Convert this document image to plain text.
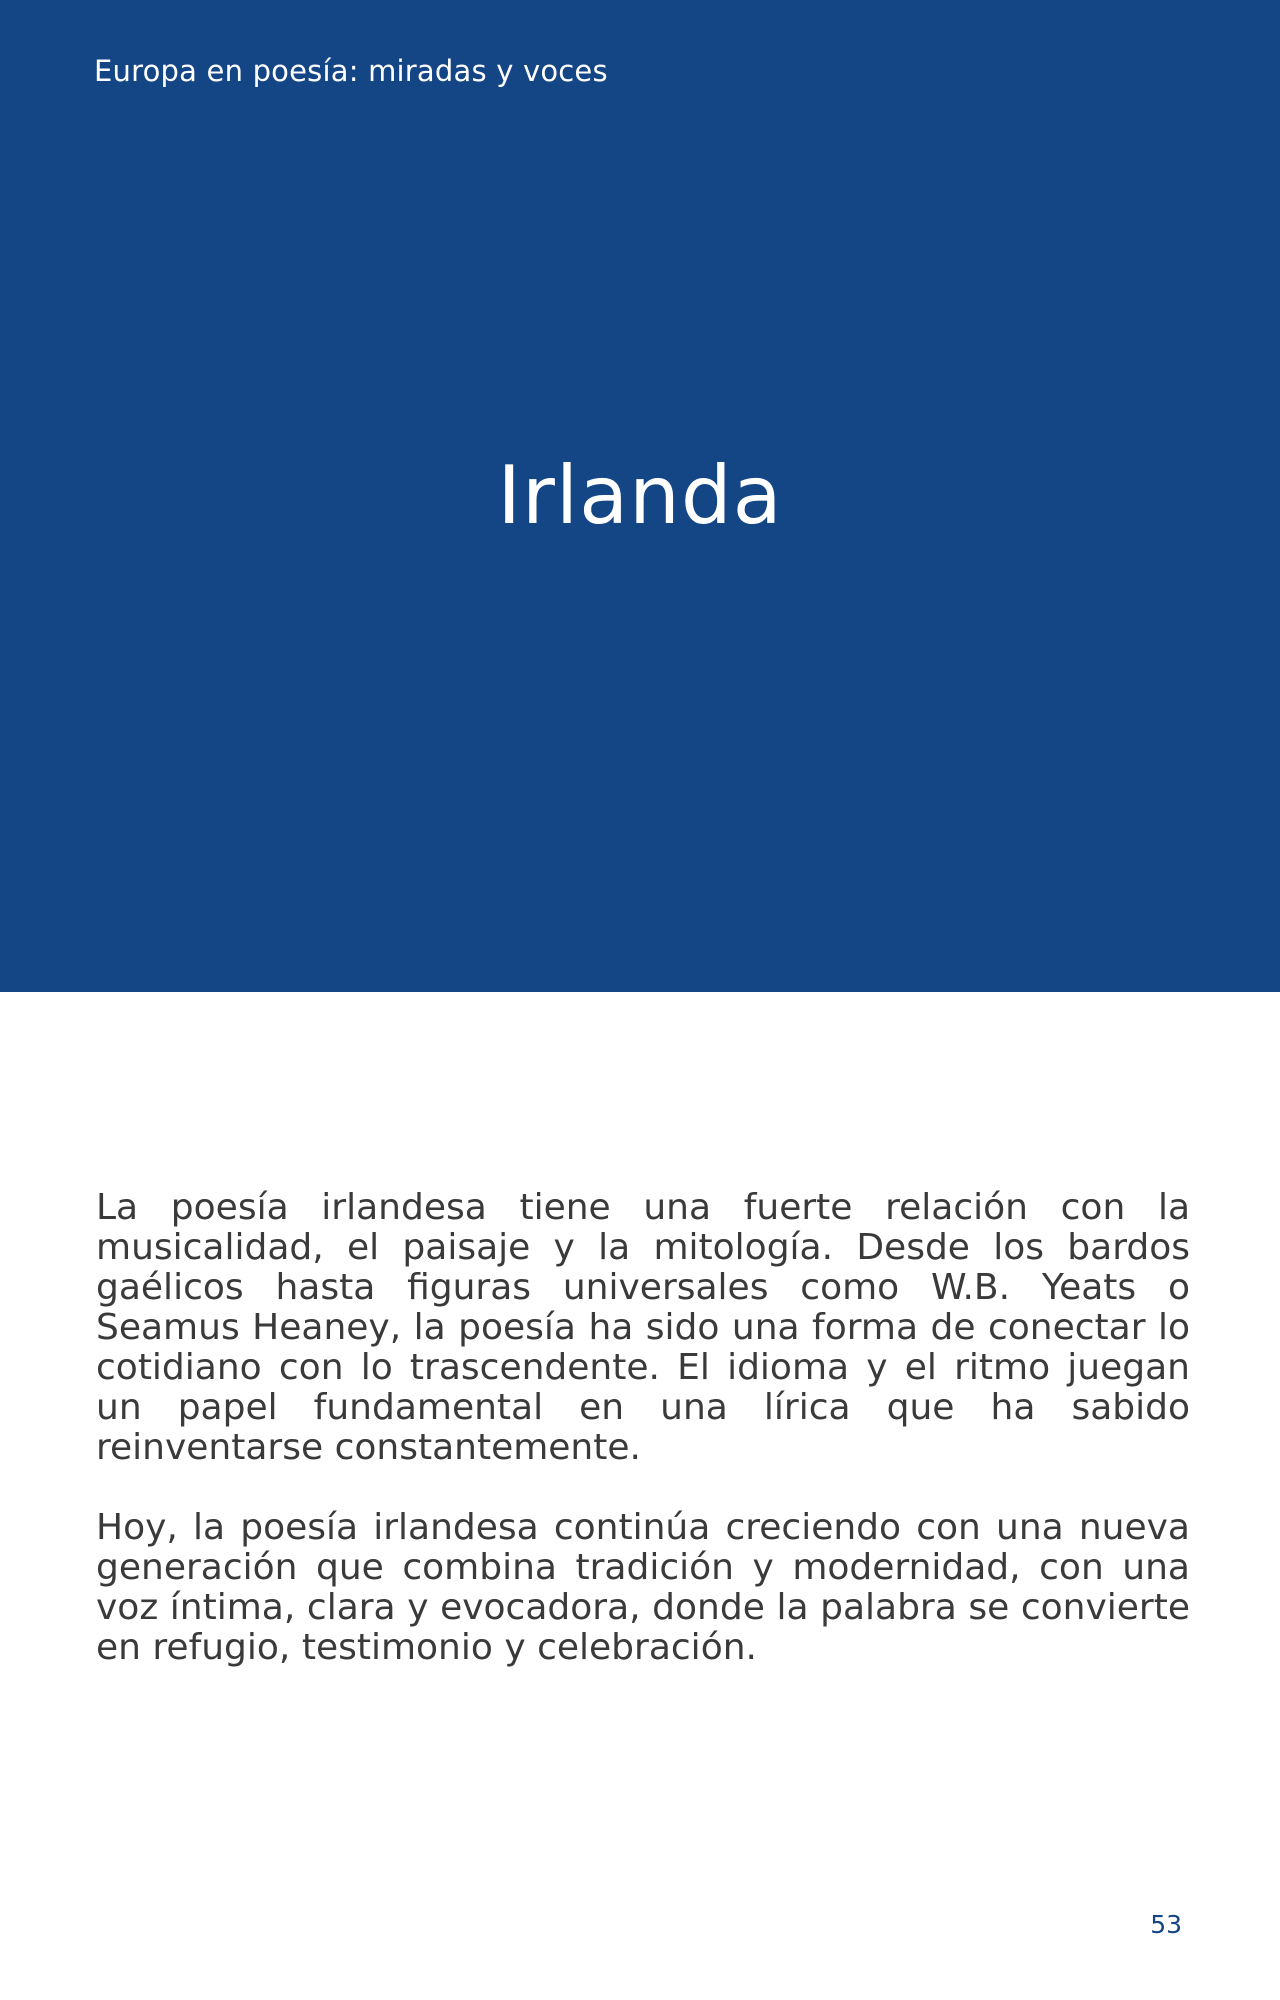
Europa en poesía: miradas y voces
Irlanda

La poesía irlandesa tiene una fuerte relación con la musicalidad, el paisaje y la mitología. Desde los bardos gaélicos hasta figuras universales como W.B. Yeats o Seamus Heaney, la poesía ha sido una forma de conectar lo cotidiano con lo trascendente. El idioma y el ritmo juegan un papel fundamental en una lírica que ha sabido reinventarse constantemente.

Hoy, la poesía irlandesa continúa creciendo con una nueva generación que combina tradición y modernidad, con una voz íntima, clara y evocadora, donde la palabra se convierte en refugio, testimonio y celebración.

53
